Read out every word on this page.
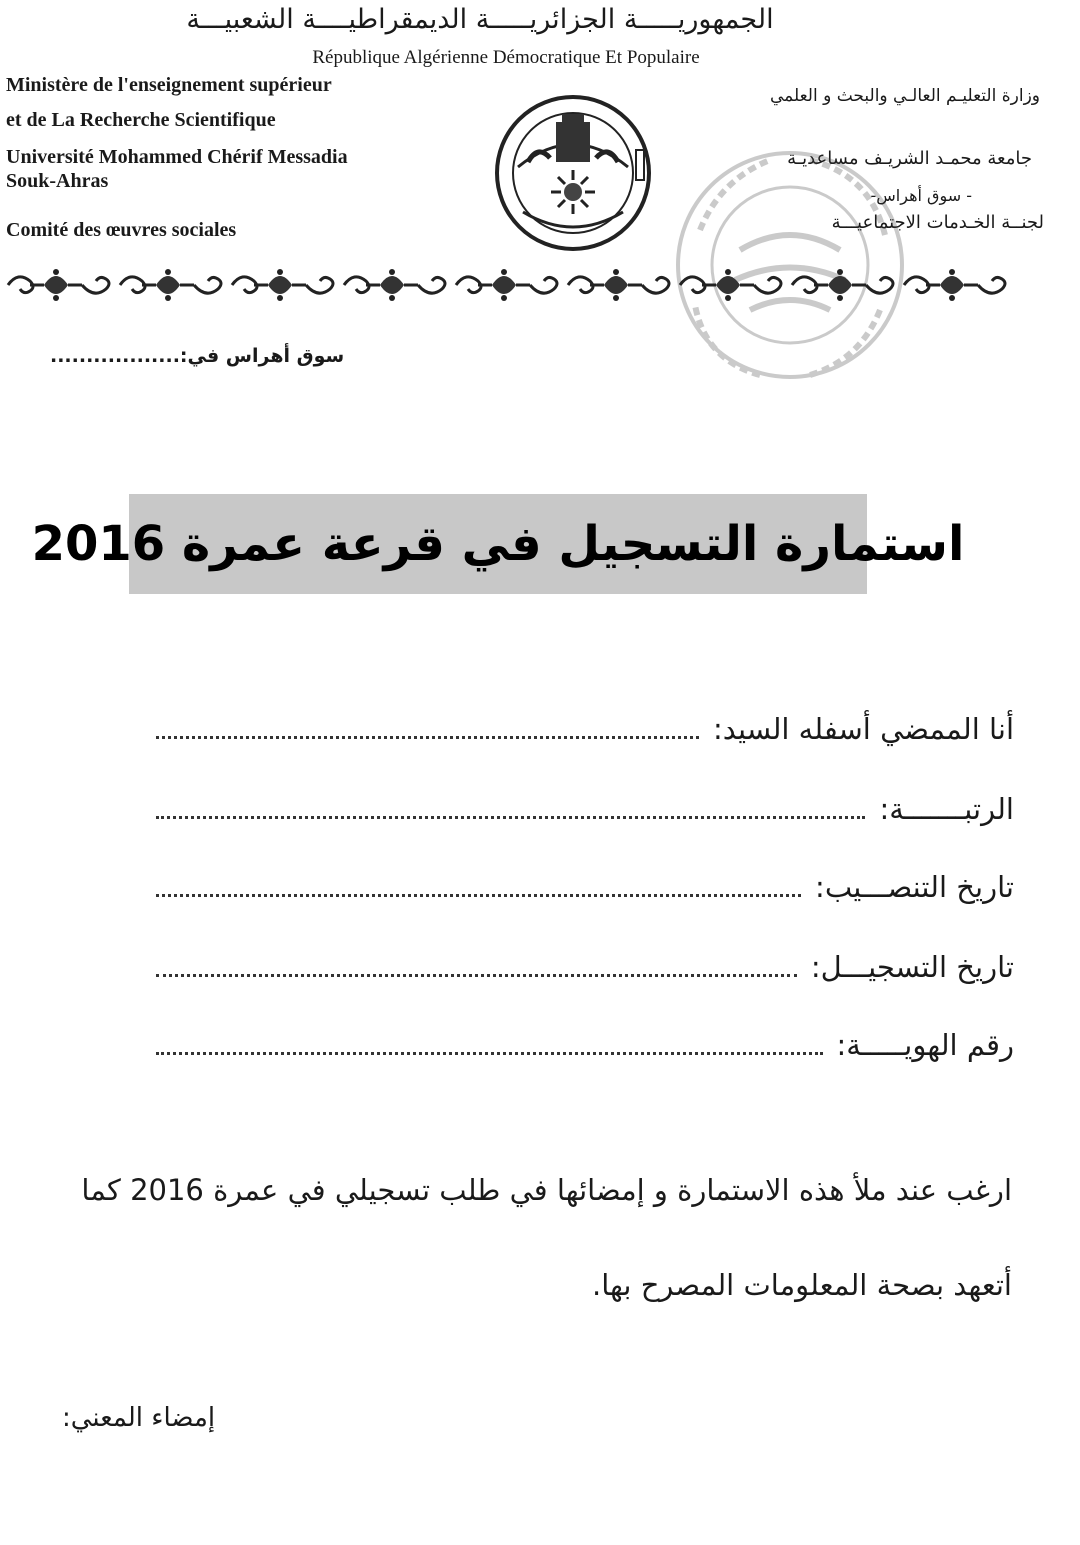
الجمهوريـــــة الجزائريـــــة الديمقراطيــــة الشعبيـــة
République Algérienne Démocratique Et Populaire
Ministère de l'enseignement supérieur
et de La Recherche Scientifique
Université Mohammed Chérif Messadia
Souk-Ahras
Comité des œuvres sociales
وزارة التعليـم العالـي والبحث و العلمي
جامعة محمـد الشريـف مساعديـة
- سوق أهراس-
لجنــة الخـدمات الاجتماعيـــة
سوق أهراس في:..................
استمارة التسجيل في قرعة عمرة 2016
أنا الممضي أسفله السيد:
الرتبـــــــة:
تاريخ التنصـــيب:
تاريخ التسجيـــل:
رقم الهويـــــة:
ارغب عند ملأ هذه الاستمارة و إمضائها في طلب تسجيلي في عمرة 2016 كما
أتعهد بصحة المعلومات المصرح بها.
إمضاء المعني:
